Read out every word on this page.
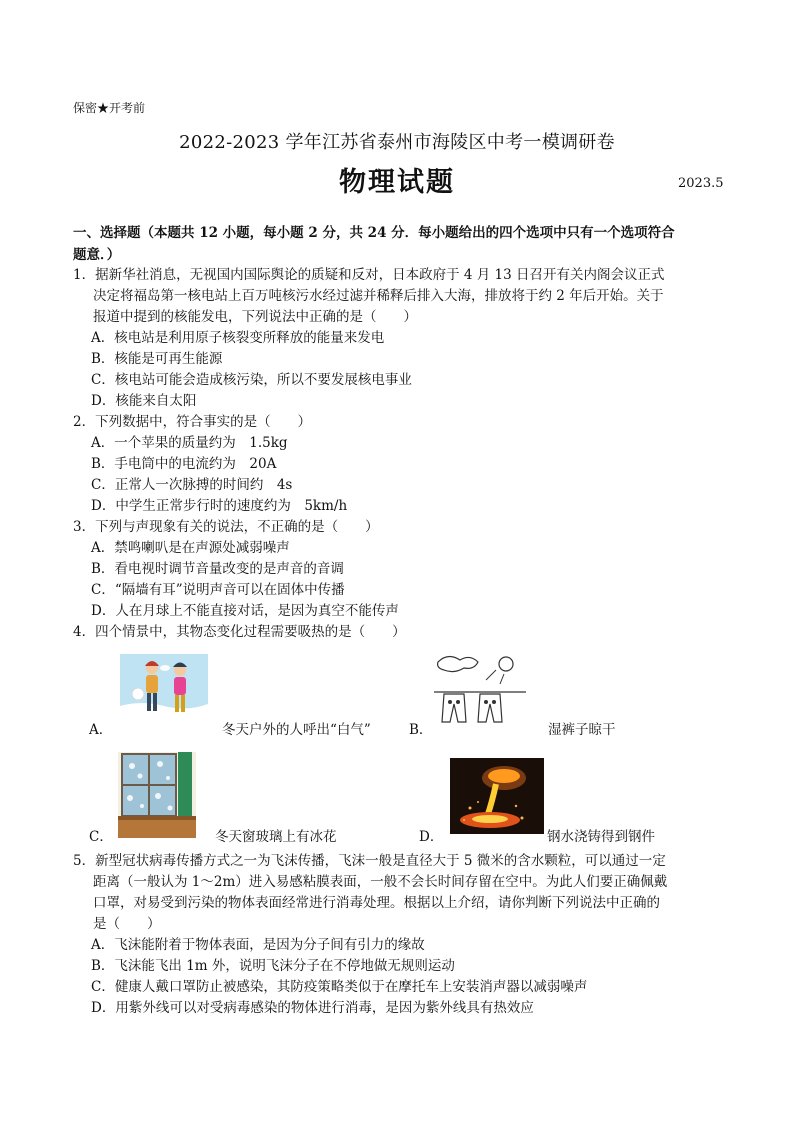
保密★开考前
2022-2023 学年江苏省泰州市海陵区中考一模调研卷
物理试题	2023.5
一、选择题（本题共 12 小题，每小题 2 分，共 24 分．每小题给出的四个选项中只有一个选项符合
题意．）
1．据新华社消息，无视国内国际舆论的质疑和反对，日本政府于 4 月 13 日召开有关内阁会议正式
决定将福岛第一核电站上百万吨核污水经过滤并稀释后排入大海，排放将于约 2 年后开始。关于
报道中提到的核能发电，下列说法中正确的是（　　）
A．核电站是利用原子核裂变所释放的能量来发电
B．核能是可再生能源
C．核电站可能会造成核污染，所以不要发展核电事业
D．核能来自太阳
2．下列数据中，符合事实的是（　　）
A．一个苹果的质量约为　1.5kg
B．手电筒中的电流约为　20A
C．正常人一次脉搏的时间约　4s
D．中学生正常步行时的速度约为　5km/h
3．下列与声现象有关的说法，不正确的是（　　）
A．禁鸣喇叭是在声源处减弱噪声
B．看电视时调节音量改变的是声音的音调
C．“隔墙有耳”说明声音可以在固体中传播
D．人在月球上不能直接对话，是因为真空不能传声
4．四个情景中，其物态变化过程需要吸热的是（　　）
A．	冬天户外的人呼出“白气”	B．	湿裤子晾干
C．	冬天窗玻璃上有冰花	D．	钢水浇铸得到钢件
5．新型冠状病毒传播方式之一为飞沫传播，飞沫一般是直径大于 5 微米的含水颗粒，可以通过一定
距离（一般认为 1～2m）进入易感粘膜表面，一般不会长时间存留在空中。为此人们要正确佩戴
口罩，对易受到污染的物体表面经常进行消毒处理。根据以上介绍，请你判断下列说法中正确的
是（　　）
A．飞沫能附着于物体表面，是因为分子间有引力的缘故
B．飞沫能飞出 1m 外，说明飞沫分子在不停地做无规则运动
C．健康人戴口罩防止被感染，其防疫策略类似于在摩托车上安装消声器以减弱噪声
D．用紫外线可以对受病毒感染的物体进行消毒，是因为紫外线具有热效应
